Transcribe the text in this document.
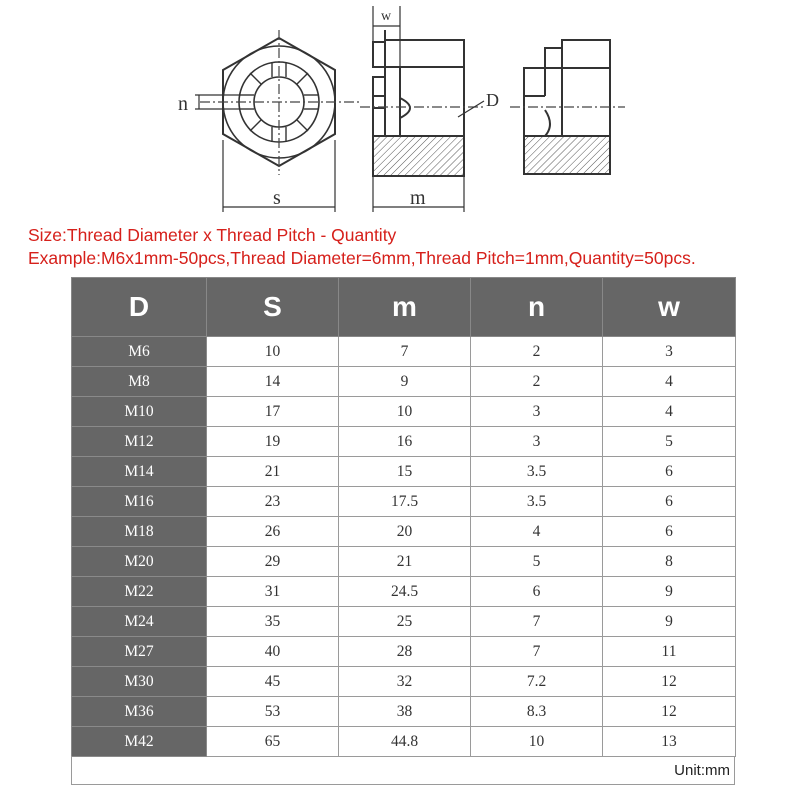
n
s
w
m
D
Size:Thread Diameter x Thread Pitch - Quantity
Example:M6x1mm-50pcs,Thread Diameter=6mm,Thread Pitch=1mm,Quantity=50pcs.
D	S	m	n	w
M6	10	7	2	3
M8	14	9	2	4
M10	17	10	3	4
M12	19	16	3	5
M14	21	15	3.5	6
M16	23	17.5	3.5	6
M18	26	20	4	6
M20	29	21	5	8
M22	31	24.5	6	9
M24	35	25	7	9
M27	40	28	7	11
M30	45	32	7.2	12
M36	53	38	8.3	12
M42	65	44.8	10	13
Unit:mm
